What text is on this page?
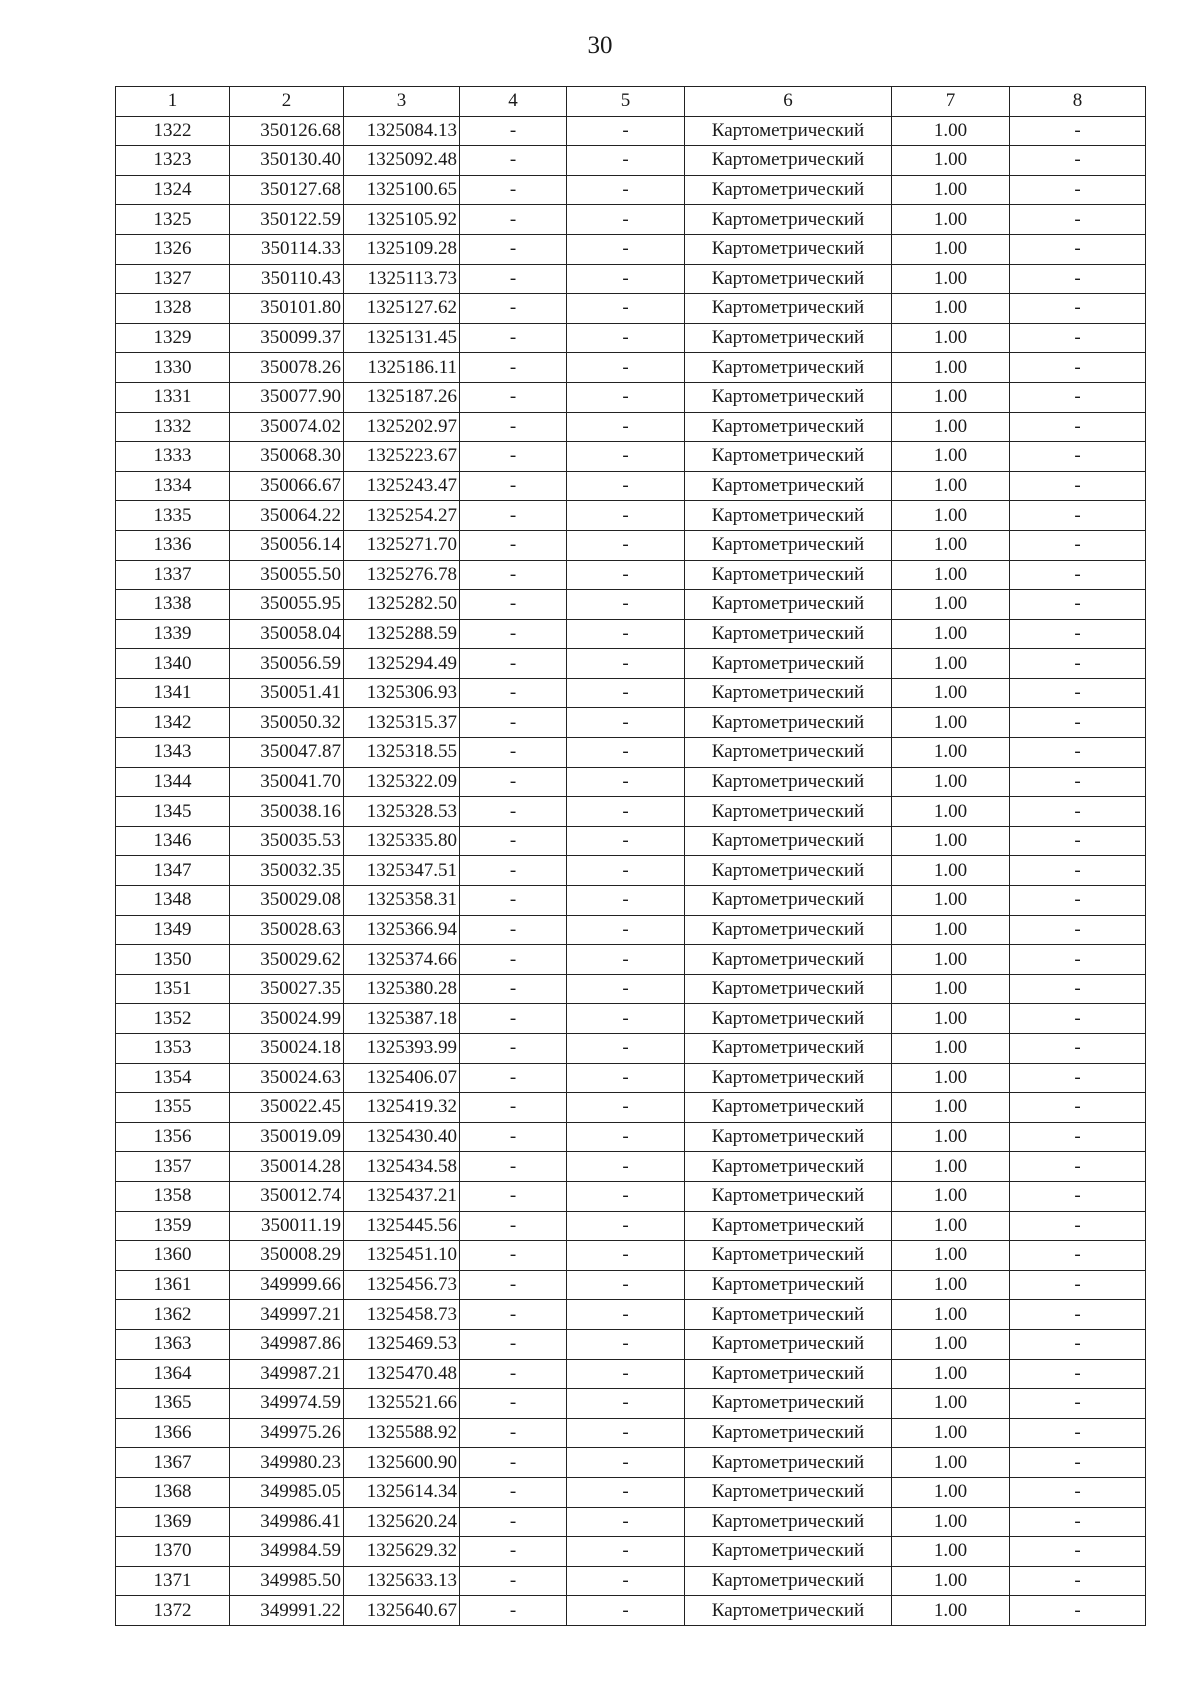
30
1	2	3	4	5	6	7	8
1322	350126.68	1325084.13	-	-	Картометрический	1.00	-
1323	350130.40	1325092.48	-	-	Картометрический	1.00	-
1324	350127.68	1325100.65	-	-	Картометрический	1.00	-
1325	350122.59	1325105.92	-	-	Картометрический	1.00	-
1326	350114.33	1325109.28	-	-	Картометрический	1.00	-
1327	350110.43	1325113.73	-	-	Картометрический	1.00	-
1328	350101.80	1325127.62	-	-	Картометрический	1.00	-
1329	350099.37	1325131.45	-	-	Картометрический	1.00	-
1330	350078.26	1325186.11	-	-	Картометрический	1.00	-
1331	350077.90	1325187.26	-	-	Картометрический	1.00	-
1332	350074.02	1325202.97	-	-	Картометрический	1.00	-
1333	350068.30	1325223.67	-	-	Картометрический	1.00	-
1334	350066.67	1325243.47	-	-	Картометрический	1.00	-
1335	350064.22	1325254.27	-	-	Картометрический	1.00	-
1336	350056.14	1325271.70	-	-	Картометрический	1.00	-
1337	350055.50	1325276.78	-	-	Картометрический	1.00	-
1338	350055.95	1325282.50	-	-	Картометрический	1.00	-
1339	350058.04	1325288.59	-	-	Картометрический	1.00	-
1340	350056.59	1325294.49	-	-	Картометрический	1.00	-
1341	350051.41	1325306.93	-	-	Картометрический	1.00	-
1342	350050.32	1325315.37	-	-	Картометрический	1.00	-
1343	350047.87	1325318.55	-	-	Картометрический	1.00	-
1344	350041.70	1325322.09	-	-	Картометрический	1.00	-
1345	350038.16	1325328.53	-	-	Картометрический	1.00	-
1346	350035.53	1325335.80	-	-	Картометрический	1.00	-
1347	350032.35	1325347.51	-	-	Картометрический	1.00	-
1348	350029.08	1325358.31	-	-	Картометрический	1.00	-
1349	350028.63	1325366.94	-	-	Картометрический	1.00	-
1350	350029.62	1325374.66	-	-	Картометрический	1.00	-
1351	350027.35	1325380.28	-	-	Картометрический	1.00	-
1352	350024.99	1325387.18	-	-	Картометрический	1.00	-
1353	350024.18	1325393.99	-	-	Картометрический	1.00	-
1354	350024.63	1325406.07	-	-	Картометрический	1.00	-
1355	350022.45	1325419.32	-	-	Картометрический	1.00	-
1356	350019.09	1325430.40	-	-	Картометрический	1.00	-
1357	350014.28	1325434.58	-	-	Картометрический	1.00	-
1358	350012.74	1325437.21	-	-	Картометрический	1.00	-
1359	350011.19	1325445.56	-	-	Картометрический	1.00	-
1360	350008.29	1325451.10	-	-	Картометрический	1.00	-
1361	349999.66	1325456.73	-	-	Картометрический	1.00	-
1362	349997.21	1325458.73	-	-	Картометрический	1.00	-
1363	349987.86	1325469.53	-	-	Картометрический	1.00	-
1364	349987.21	1325470.48	-	-	Картометрический	1.00	-
1365	349974.59	1325521.66	-	-	Картометрический	1.00	-
1366	349975.26	1325588.92	-	-	Картометрический	1.00	-
1367	349980.23	1325600.90	-	-	Картометрический	1.00	-
1368	349985.05	1325614.34	-	-	Картометрический	1.00	-
1369	349986.41	1325620.24	-	-	Картометрический	1.00	-
1370	349984.59	1325629.32	-	-	Картометрический	1.00	-
1371	349985.50	1325633.13	-	-	Картометрический	1.00	-
1372	349991.22	1325640.67	-	-	Картометрический	1.00	-
